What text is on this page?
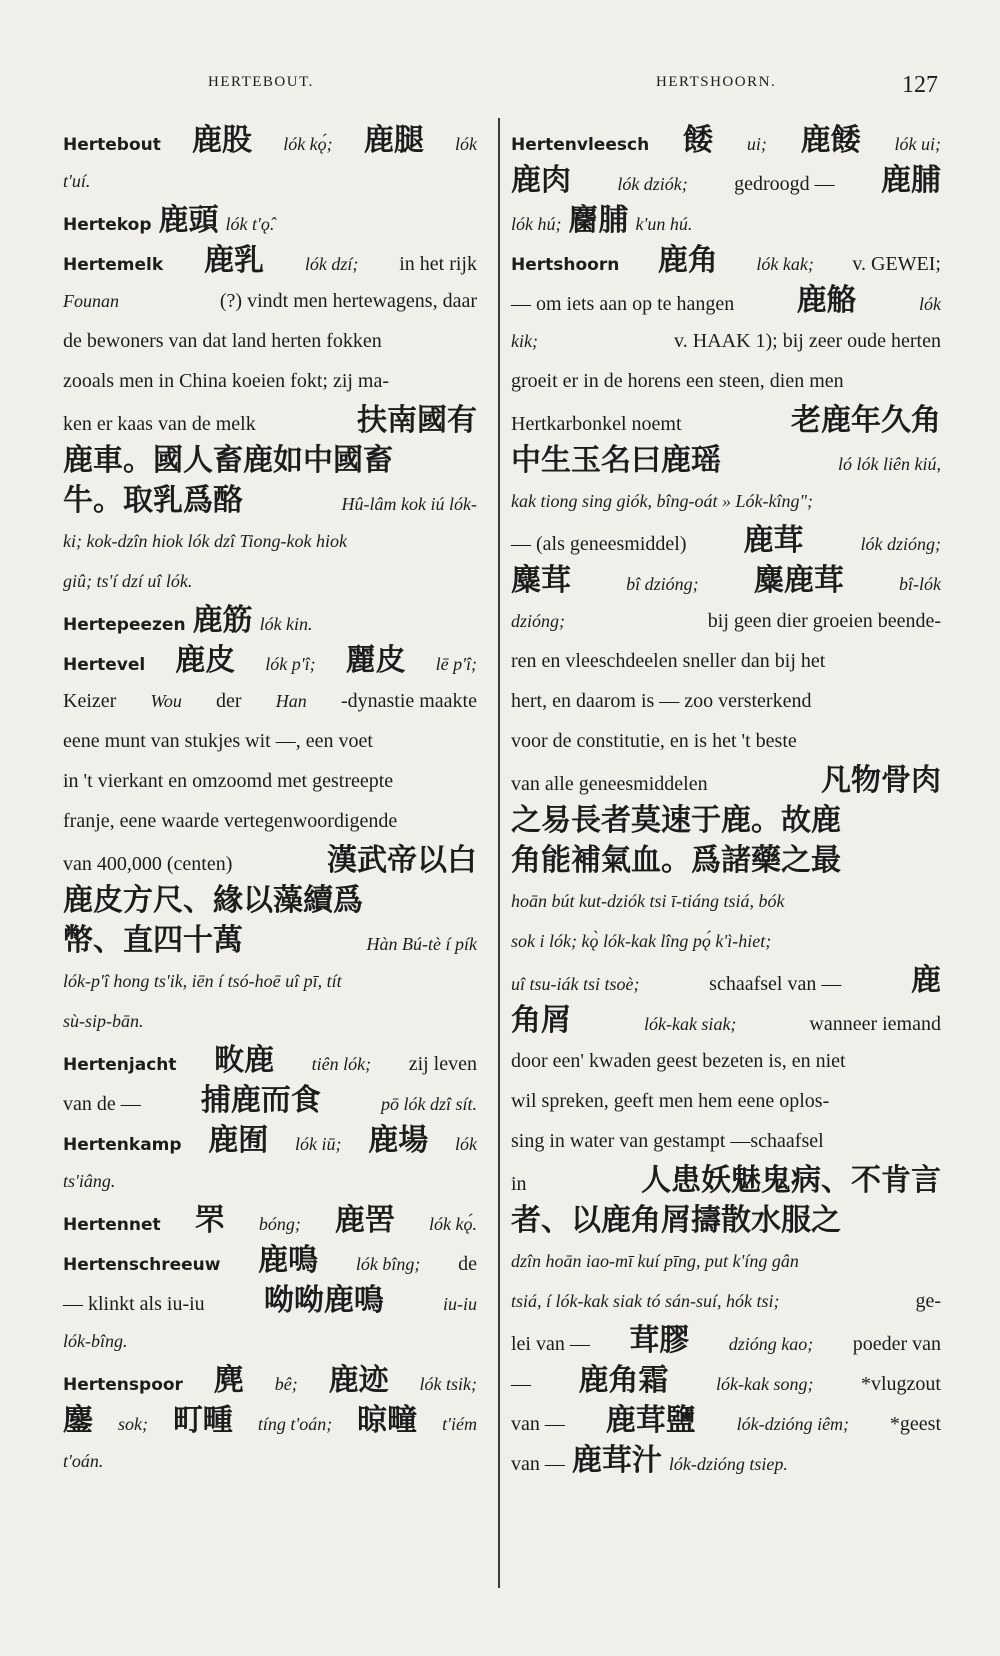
HERTEBOUT.	HERTSHOORN.	127
Hertebout 鹿股 lók kǫ́; 鹿腿 lók
t'uí.
Hertekop 鹿頭 lók t'ǫ̂.
Hertemelk 鹿乳 lók dzí; in het rijk
Founan	(?) vindt men hertewagens, daar
de bewoners van dat land herten fokken
zooals men in China koeien fokt; zij ma-
ken er kaas van de melk	扶南國有
鹿車。國人畜鹿如中國畜
牛。取乳爲酪	Hû-lâm kok iú lók-
ki; kok-dzîn hiok lók dzî Tiong-kok hiok
giû; ts'í dzí uî lók.
Hertepeezen 鹿筋 lók kin.
Hertevel 鹿皮 lók p'î; 麗皮 lē p'î;
Keizer Wou der Han -dynastie maakte
eene munt van stukjes wit —, een voet
in 't vierkant en omzoomd met gestreepte
franje, eene waarde vertegenwoordigende
van 400,000 (centen)	漢武帝以白
鹿皮方尺、緣以藻續爲
幣、直四十萬	Hàn Bú-tè í pík
lók-p'î hong ts'ik, iēn í tsó-hoē uî pī, tít
sù-sip-bān.
Hertenjacht 畋鹿 tiên lók; zij leven
van de — 捕鹿而食	pō lók dzî sít.
Hertenkamp 鹿囿 lók iū; 鹿場 lók
ts'iâng.
Hertennet 罘 bóng; 鹿罟 lók kǫ́.
Hertenschreeuw 鹿鳴 lók bîng; de
— klinkt als iu-iu 呦呦鹿鳴	iu-iu
lók-bîng.
Hertenspoor 麂 bê; 鹿迹 lók tsik;
鏖 sok; 町畽 tíng t'oán; 晾疃 t'iém
t'oán.
Hertenvleesch 餧 ui; 鹿餧 lók ui;
鹿肉	lók dziók; gedroogd — 鹿脯
lók hú; 麕脯 k'un hú.
Hertshoorn 鹿角 lók kak; v. GEWEI;
— om iets aan op te hangen 鹿觡	lók
kik;	v. HAAK 1); bij zeer oude herten
groeit er in de horens een steen, dien men
Hertkarbonkel noemt	老鹿年久角
中生玉名曰鹿瑶	ló lók liên kiú,
kak tiong sing giók, bîng-oát » Lók-kîng";
— (als geneesmiddel) 鹿茸	lók dzióng;
麋茸	bî dzióng; 麋鹿茸	bî-lók
dzióng;	bij geen dier groeien beende-
ren en vleeschdeelen sneller dan bij het
hert, en daarom is — zoo versterkend
voor de constitutie, en is het 't beste
van alle geneesmiddelen	凡物骨肉
之易長者莫速于鹿。故鹿
角能補氣血。爲諸藥之最
hoān bút kut-dziók tsi ī-tiáng tsiá, bók
sok i lók; kǫ̀ lók-kak lîng pǫ́ k'ì-hiet;
uî tsu-iák tsi tsoè;	schaafsel van — 鹿
角屑	lók-kak siak;	wanneer iemand
door een' kwaden geest bezeten is, en niet
wil spreken, geeft men hem eene oplos-
sing in water van gestampt —schaafsel
in	人患妖魅鬼病、不肯言
者、以鹿角屑擣散水服之
dzîn hoān iao-mī kuí pīng, put k'íng gân
tsiá, í lók-kak siak tó sán-suí, hók tsi;	ge-
lei van — 茸膠 dzióng kao; poeder van
— 鹿角霜	lók-kak song; *vlugzout
van — 鹿茸鹽 lók-dzióng iêm; *geest
van — 鹿茸汁 lók-dzióng tsiep.
